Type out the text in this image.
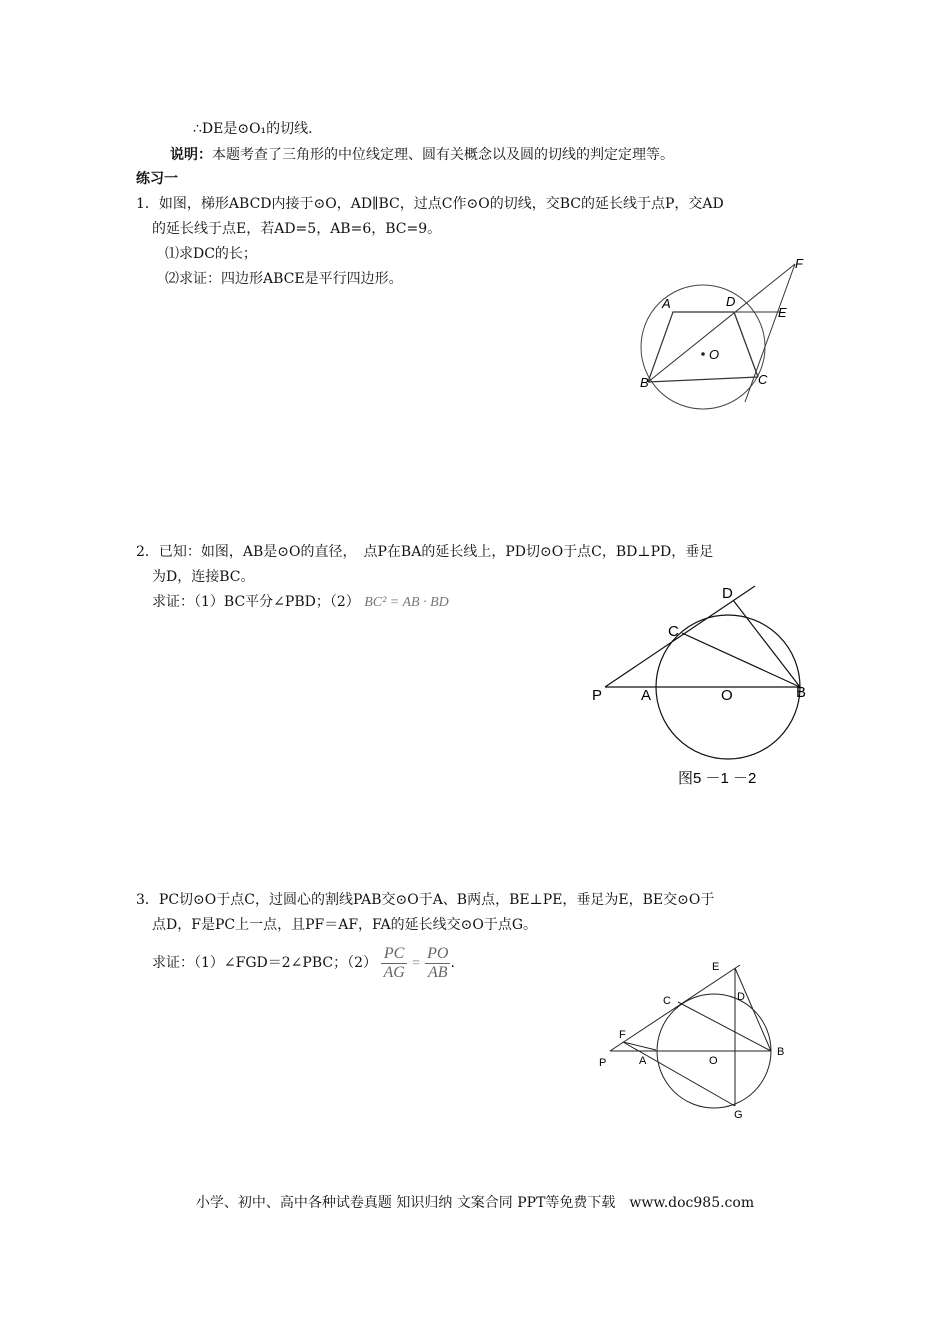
∴DE是⊙O₁的切线.
说明：本题考查了三角形的中位线定理、圆有关概念以及圆的切线的判定定理等。
练习一
1．如图，梯形ABCD内接于⊙O，AD∥BC，过点C作⊙O的切线，交BC的延长线于点P，交AD
的延长线于点E，若AD=5，AB=6，BC=9。
⑴求DC的长；
⑵求证：四边形ABCE是平行四边形。
A	D
E
F
O
B	C
2．已知：如图，AB是⊙O的直径，　点P在BA的延长线上，PD切⊙O于点C，BD⊥PD，垂足
为D，连接BC。
求证：（1）BC平分∠PBD；（2） BC² = AB · BD
D
C
P	A	O	B
图5 －1 －2
3．PC切⊙O于点C，过圆心的割线PAB交⊙O于A、B两点，BE⊥PE，垂足为E，BE交⊙O于
点D，F是PC上一点，且PF＝AF，FA的延长线交⊙O于点G。
求证：（1）∠FGD＝2∠PBC；$(2) \frac{PC}{AG} = \frac{PO}{AB}$ .	E
C	D
F
P	A	O
B
G
小学、初中、高中各种试卷真题 知识归纳 文案合同 PPT等免费下载　www.doc985.com
